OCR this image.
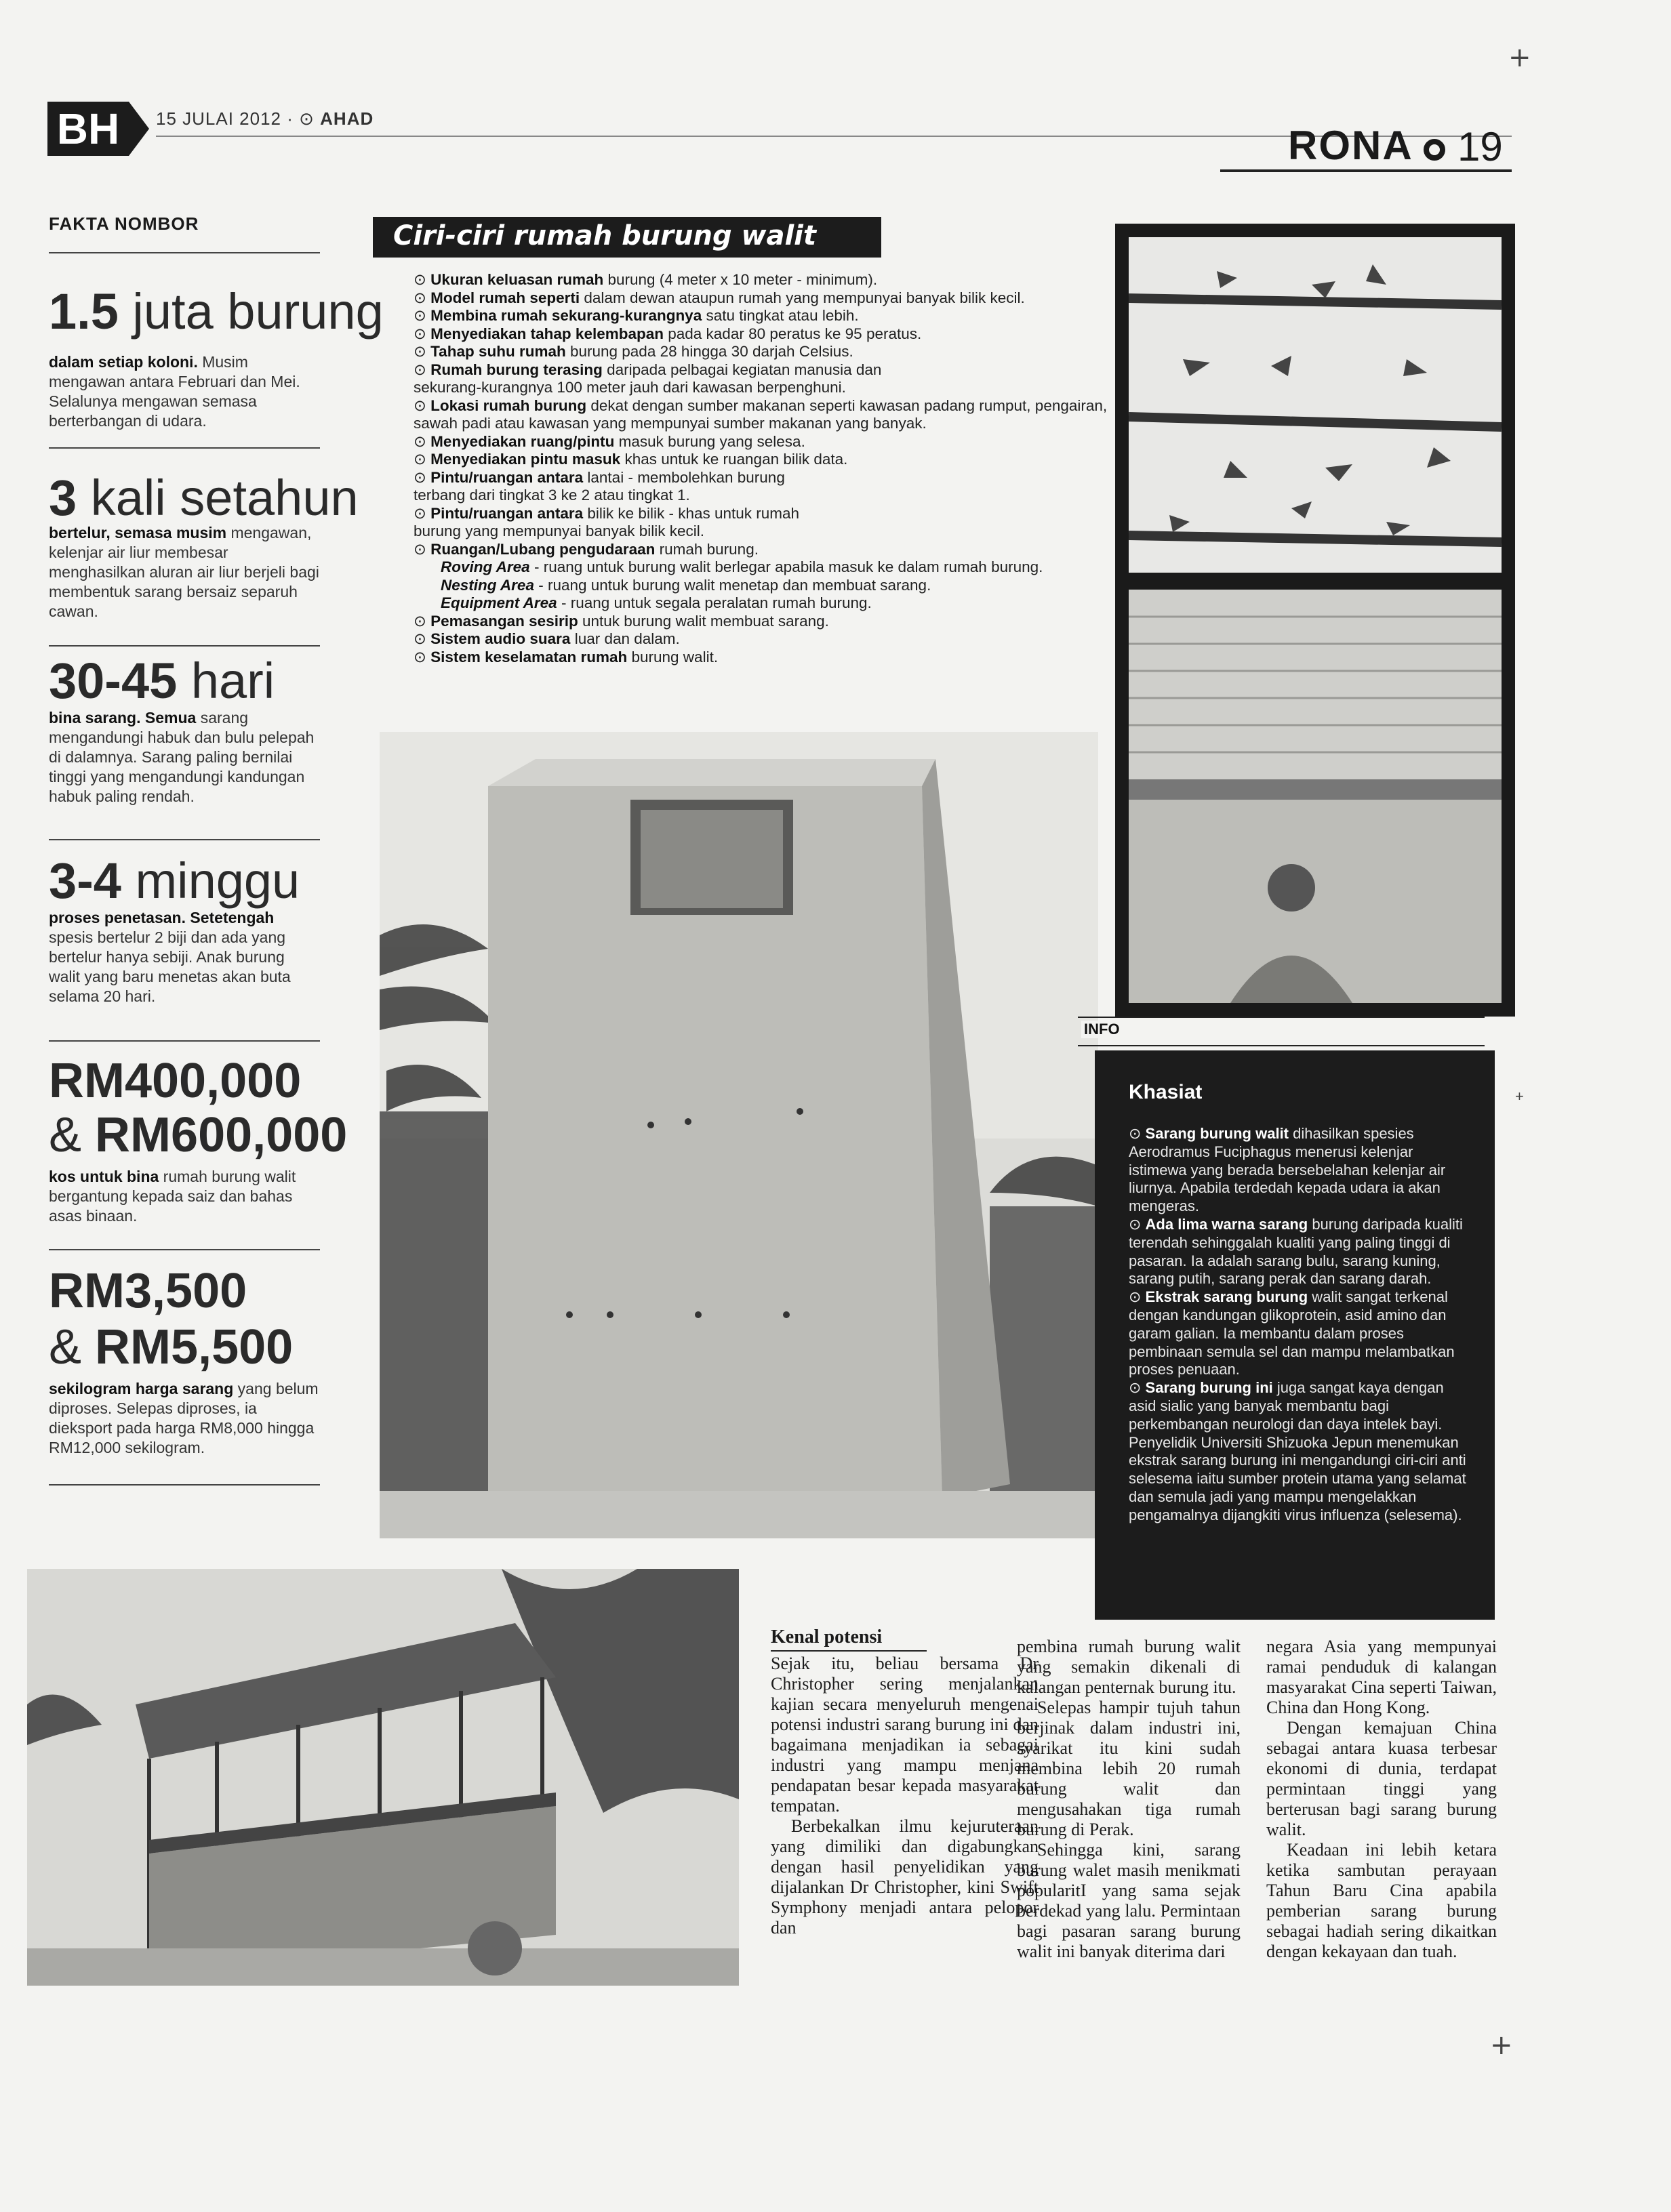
+
+
+
BH	15 JULAI 2012 · ⊙ AHAD
RONA 19
FAKTA NOMBOR
1.5 juta burung
dalam setiap koloni. Musim mengawan antara Februari dan Mei. Selalunya mengawan semasa berterbangan di udara.
3 kali setahun
bertelur, semasa musim mengawan, kelenjar air liur membesar menghasilkan aluran air liur berjeli bagi membentuk sarang bersaiz separuh cawan.
30-45 hari
bina sarang. Semua sarang mengandungi habuk dan bulu pelepah di dalamnya. Sarang paling bernilai tinggi yang mengandungi kandungan habuk paling rendah.
3-4 minggu
proses penetasan. Setetengah spesis bertelur 2 biji dan ada yang bertelur hanya sebiji. Anak burung walit yang baru menetas akan buta selama 20 hari.
RM400,000
& RM600,000
kos untuk bina rumah burung walit bergantung kepada saiz dan bahas asas binaan.
RM3,500
& RM5,500
sekilogram harga sarang yang belum diproses. Selepas diproses, ia dieksport pada harga RM8,000 hingga RM12,000 sekilogram.
Ciri-ciri rumah burung walit
⊙ Ukuran keluasan rumah burung (4 meter x 10 meter - minimum).
⊙ Model rumah seperti dalam dewan ataupun rumah yang mempunyai banyak bilik kecil.
⊙ Membina rumah sekurang-kurangnya satu tingkat atau lebih.
⊙ Menyediakan tahap kelembapan pada kadar 80 peratus ke 95 peratus.
⊙ Tahap suhu rumah burung pada 28 hingga 30 darjah Celsius.
⊙ Rumah burung terasing daripada pelbagai kegiatan manusia dan sekurang-kurangnya 100 meter jauh dari kawasan berpenghuni.
⊙ Lokasi rumah burung dekat dengan sumber makanan seperti kawasan padang rumput, pengairan, sawah padi atau kawasan yang mempunyai sumber makanan yang banyak.
⊙ Menyediakan ruang/pintu masuk burung yang selesa.
⊙ Menyediakan pintu masuk khas untuk ke ruangan bilik data.
⊙ Pintu/ruangan antara lantai - membolehkan burung terbang dari tingkat 3 ke 2 atau tingkat 1.
⊙ Pintu/ruangan antara bilik ke bilik - khas untuk rumah burung yang mempunyai banyak bilik kecil.
⊙ Ruangan/Lubang pengudaraan rumah burung.
Roving Area - ruang untuk burung walit berlegar apabila masuk ke dalam rumah burung.
Nesting Area - ruang untuk burung walit menetap dan membuat sarang.
Equipment Area - ruang untuk segala peralatan rumah burung.
⊙ Pemasangan sesirip untuk burung walit membuat sarang.
⊙ Sistem audio suara luar dan dalam.
⊙ Sistem keselamatan rumah burung walit.
INFO
Khasiat
⊙ Sarang burung walit dihasilkan spesies Aerodramus Fuciphagus menerusi kelenjar istimewa yang berada bersebelahan kelenjar air liurnya. Apabila terdedah kepada udara ia akan mengeras.
⊙ Ada lima warna sarang burung daripada kualiti terendah sehinggalah kualiti yang paling tinggi di pasaran. Ia adalah sarang bulu, sarang kuning, sarang putih, sarang perak dan sarang darah.
⊙ Ekstrak sarang burung walit sangat terkenal dengan kandungan glikoprotein, asid amino dan garam galian. Ia membantu dalam proses pembinaan semula sel dan mampu melambatkan proses penuaan.
⊙ Sarang burung ini juga sangat kaya dengan asid sialic yang banyak membantu bagi perkembangan neurologi dan daya intelek bayi. Penyelidik Universiti Shizuoka Jepun menemukan ekstrak sarang burung ini mengandungi ciri-ciri anti selesema iaitu sumber protein utama yang selamat dan semula jadi yang mampu mengelakkan pengamalnya dijangkiti virus influenza (selesema).
Kenal potensi

Sejak itu, beliau bersama Dr Christopher sering menjalankan kajian secara menyeluruh mengenai potensi industri sarang burung ini dan bagaimana menjadikan ia sebagai industri yang mampu menjana pendapatan besar kepada masyarakat tempatan.

Berbekalkan ilmu kejuruteraan yang dimiliki dan digabungkan dengan hasil penyelidikan yang dijalankan Dr Christopher, kini Swift Symphony menjadi antara pelopor dan

pembina rumah burung walit yang semakin dikenali di kalangan penternak burung itu.

Selepas hampir tujuh tahun berjinak dalam industri ini, syarikat itu kini sudah membina lebih 20 rumah burung walit dan mengusahakan tiga rumah burung di Perak.

Sehingga kini, sarang burung walet masih menikmati popularitI yang sama sejak berdekad yang lalu. Permintaan bagi pasaran sarang burung walit ini banyak diterima dari

negara Asia yang mempunyai ramai penduduk di kalangan masyarakat Cina seperti Taiwan, China dan Hong Kong.

Dengan kemajuan China sebagai antara kuasa terbesar ekonomi di dunia, terdapat permintaan tinggi yang berterusan bagi sarang burung walit.

Keadaan ini lebih ketara ketika sambutan perayaan Tahun Baru Cina apabila pemberian sarang burung sebagai hadiah sering dikaitkan dengan kekayaan dan tuah.
